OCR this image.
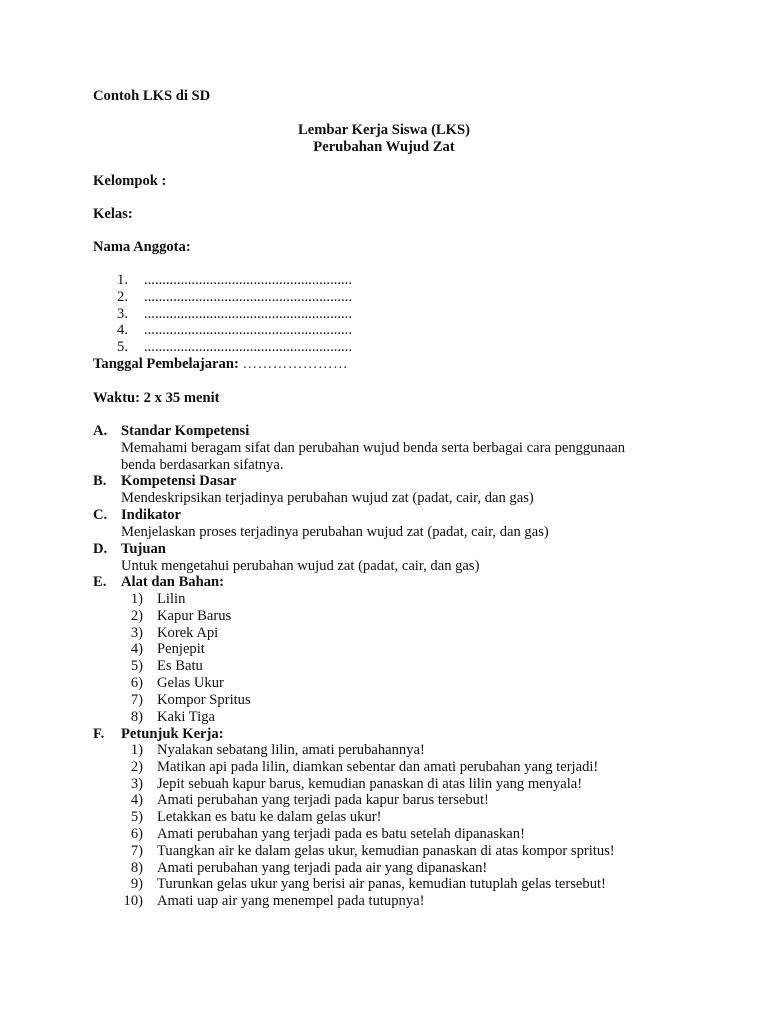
Contoh LKS di SD
Lembar Kerja Siswa (LKS)
Perubahan Wujud Zat
Kelompok :
Kelas:
Nama Anggota:
1. .........................................................
2. .........................................................
3. .........................................................
4. .........................................................
5. .........................................................
Tanggal Pembelajaran: …………………
Waktu: 2 x 35 menit
A. Standar Kompetensi
Memahami beragam sifat dan perubahan wujud benda serta berbagai cara penggunaan
benda berdasarkan sifatnya.
B. Kompetensi Dasar
Mendeskripsikan terjadinya perubahan wujud zat (padat, cair, dan gas)
C. Indikator
Menjelaskan proses terjadinya perubahan wujud zat (padat, cair, dan gas)
D. Tujuan
Untuk mengetahui perubahan wujud zat (padat, cair, dan gas)
E. Alat dan Bahan:
1) Lilin
2) Kapur Barus
3) Korek Api
4) Penjepit
5) Es Batu
6) Gelas Ukur
7) Kompor Spritus
8) Kaki Tiga
F. Petunjuk Kerja:
1) Nyalakan sebatang lilin, amati perubahannya!
2) Matikan api pada lilin, diamkan sebentar dan amati perubahan yang terjadi!
3) Jepit sebuah kapur barus, kemudian panaskan di atas lilin yang menyala!
4) Amati perubahan yang terjadi pada kapur barus tersebut!
5) Letakkan es batu ke dalam gelas ukur!
6) Amati perubahan yang terjadi pada es batu setelah dipanaskan!
7) Tuangkan air ke dalam gelas ukur, kemudian panaskan di atas kompor spritus!
8) Amati perubahan yang terjadi pada air yang dipanaskan!
9) Turunkan gelas ukur yang berisi air panas, kemudian tutuplah gelas tersebut!
10) Amati uap air yang menempel pada tutupnya!
